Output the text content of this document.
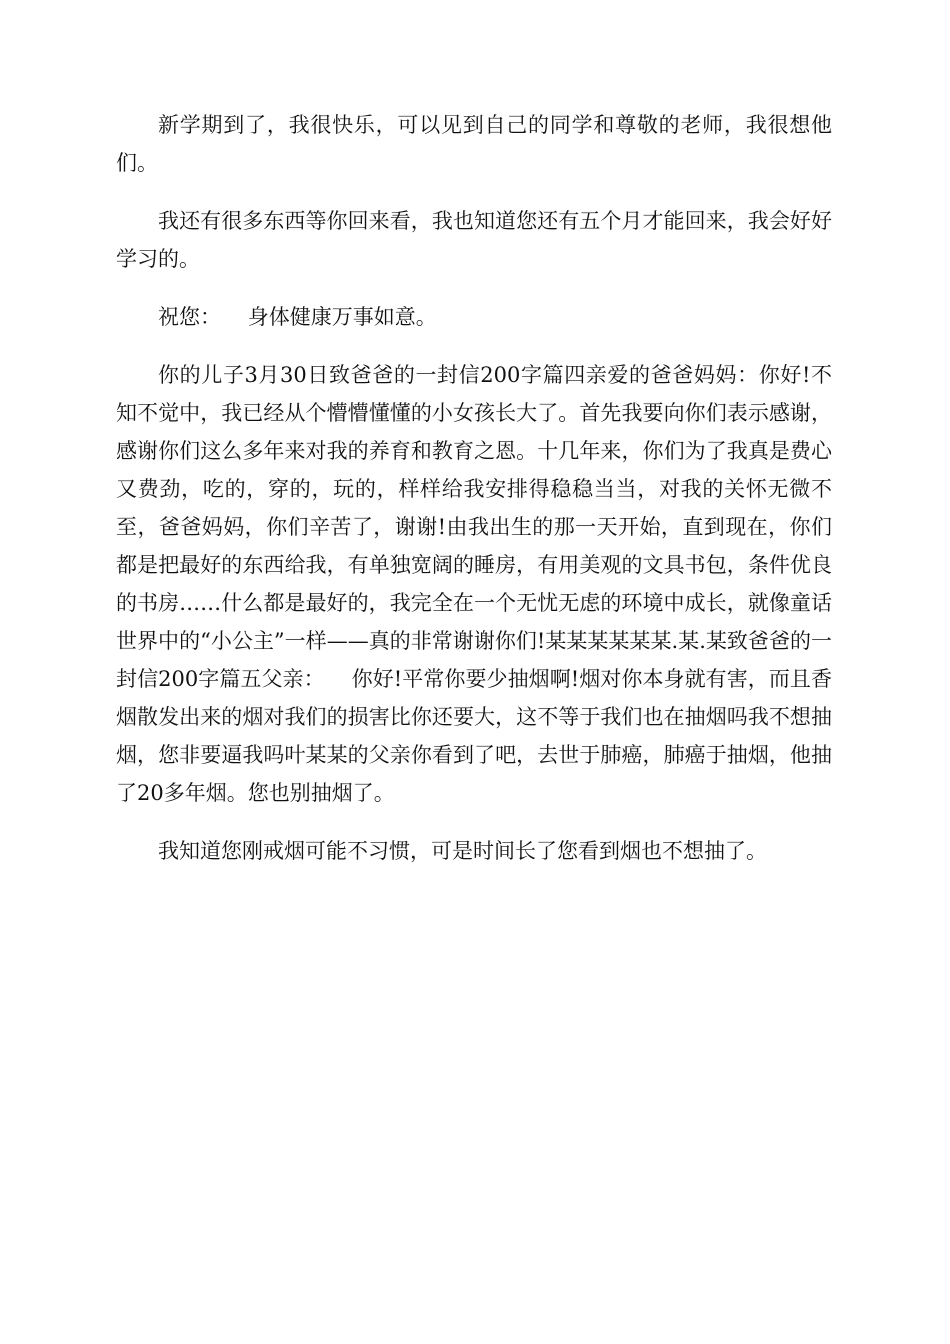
新学期到了，我很快乐，可以见到自己的同学和尊敬的老师，我很想他们。

我还有很多东西等你回来看，我也知道您还有五个月才能回来，我会好好学习的。

祝您：    身体健康万事如意。

你的儿子3月30日致爸爸的一封信200字篇四亲爱的爸爸妈妈：你好!不知不觉中，我已经从个懵懵懂懂的小女孩长大了。首先我要向你们表示感谢，感谢你们这么多年来对我的养育和教育之恩。十几年来，你们为了我真是费心又费劲，吃的，穿的，玩的，样样给我安排得稳稳当当，对我的关怀无微不至，爸爸妈妈，你们辛苦了，谢谢!由我出生的那一天开始，直到现在，你们都是把最好的东西给我，有单独宽阔的睡房，有用美观的文具书包，条件优良的书房……什么都是最好的，我完全在一个无忧无虑的环境中成长，就像童话世界中的“小公主”一样——真的非常谢谢你们!某某某某某某.某.某致爸爸的一封信200字篇五父亲：    你好!平常你要少抽烟啊!烟对你本身就有害，而且香烟散发出来的烟对我们的损害比你还要大，这不等于我们也在抽烟吗我不想抽烟，您非要逼我吗叶某某的父亲你看到了吧，去世于肺癌，肺癌于抽烟，他抽了20多年烟。您也别抽烟了。

我知道您刚戒烟可能不习惯，可是时间长了您看到烟也不想抽了。
